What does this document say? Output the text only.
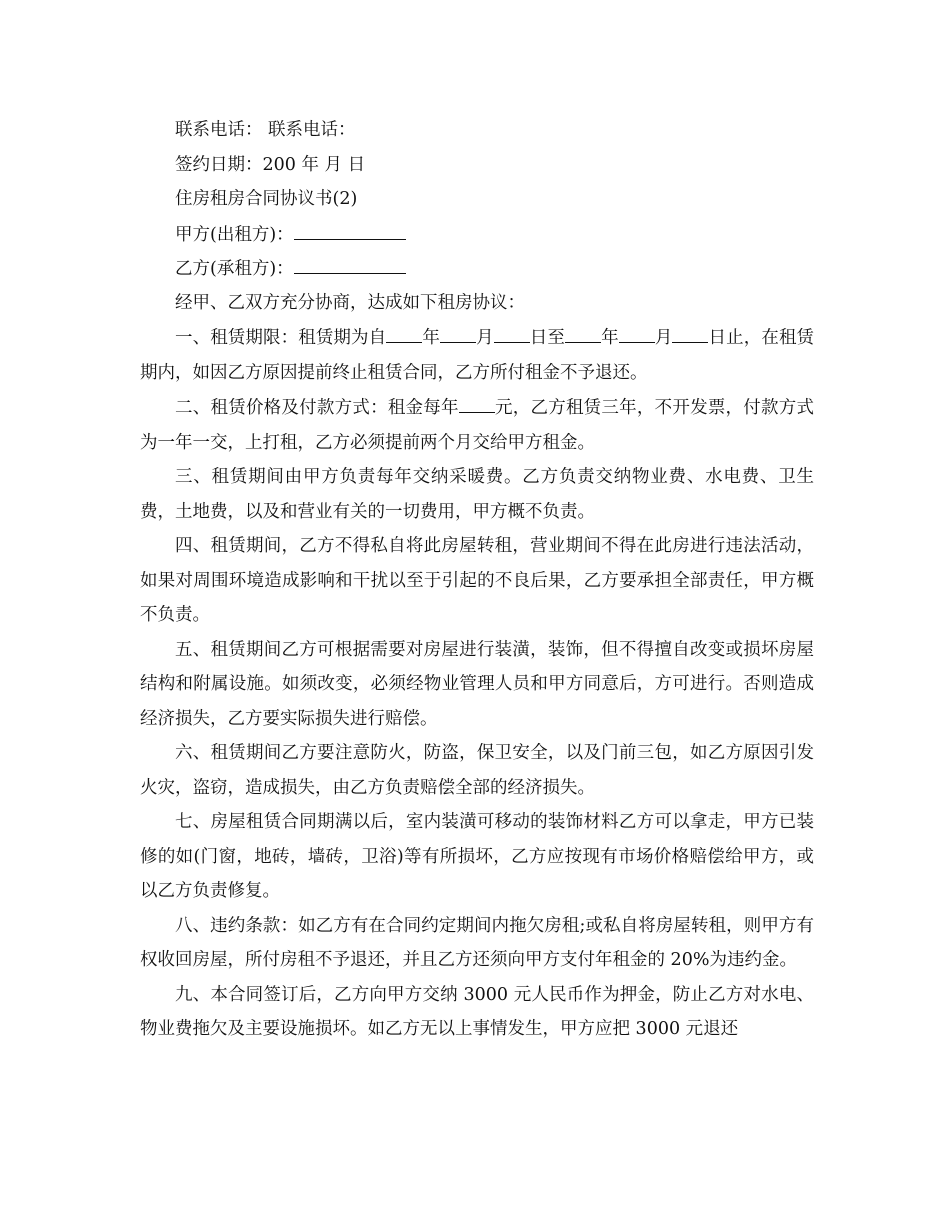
联系电话： 联系电话：
签约日期：200 年 月 日
住房租房合同协议书(2)
甲方(出租方)：
乙方(承租方)：
经甲、乙双方充分协商，达成如下租房协议：

一、租赁期限：租赁期为自 年 月 日至 年 月 日止，在租赁期内，如因乙方原因提前终止租赁合同，乙方所付租金不予退还。

二、租赁价格及付款方式：租金每年 元，乙方租赁三年，不开发票，付款方式为一年一交，上打租，乙方必须提前两个月交给甲方租金。

三、租赁期间由甲方负责每年交纳采暖费。乙方负责交纳物业费、水电费、卫生费，土地费，以及和营业有关的一切费用，甲方概不负责。

四、租赁期间，乙方不得私自将此房屋转租，营业期间不得在此房进行违法活动，如果对周围环境造成影响和干扰以至于引起的不良后果，乙方要承担全部责任，甲方概不负责。

五、租赁期间乙方可根据需要对房屋进行装潢，装饰，但不得擅自改变或损坏房屋结构和附属设施。如须改变，必须经物业管理人员和甲方同意后，方可进行。否则造成经济损失，乙方要实际损失进行赔偿。

六、租赁期间乙方要注意防火，防盗，保卫安全，以及门前三包，如乙方原因引发火灾，盗窃，造成损失，由乙方负责赔偿全部的经济损失。

七、房屋租赁合同期满以后，室内装潢可移动的装饰材料乙方可以拿走，甲方已装修的如(门窗，地砖，墙砖，卫浴)等有所损坏，乙方应按现有市场价格赔偿给甲方，或以乙方负责修复。

八、违约条款：如乙方有在合同约定期间内拖欠房租;或私自将房屋转租，则甲方有权收回房屋，所付房租不予退还，并且乙方还须向甲方支付年租金的 20%为违约金。

九、本合同签订后，乙方向甲方交纳 3000 元人民币作为押金，防止乙方对水电、物业费拖欠及主要设施损坏。如乙方无以上事情发生，甲方应把 3000 元退还
